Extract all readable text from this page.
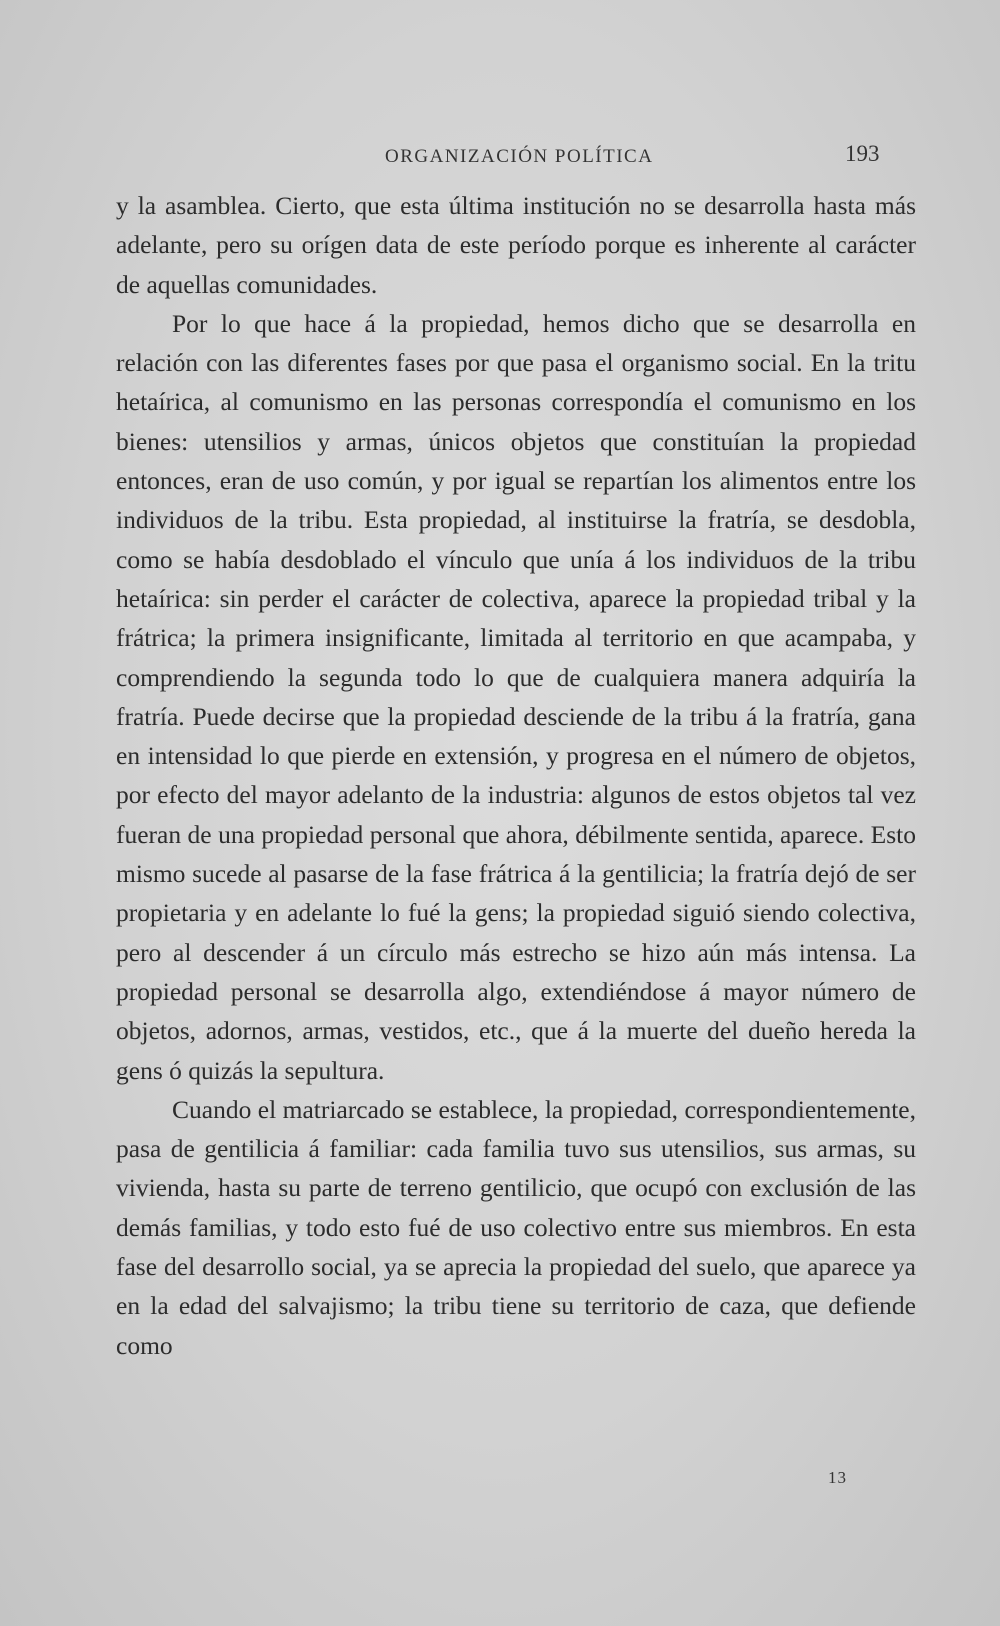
ORGANIZACIÓN POLÍTICA	193

y la asamblea. Cierto, que esta última institución no se desarrolla hasta más adelante, pero su orígen data de este período porque es inherente al carácter de aquellas comunidades.

Por lo que hace á la propiedad, hemos dicho que se desarrolla en relación con las diferentes fases por que pasa el organismo social. En la tritu hetaírica, al comunismo en las personas correspondía el comunismo en los bienes: utensilios y armas, únicos objetos que constituían la propiedad entonces, eran de uso común, y por igual se repartían los alimentos entre los individuos de la tribu. Esta propiedad, al instituirse la fratría, se desdobla, como se había desdoblado el vínculo que unía á los individuos de la tribu hetaírica: sin perder el carácter de colectiva, aparece la propiedad tribal y la frátrica; la primera insignificante, limitada al territorio en que acampaba, y comprendiendo la segunda todo lo que de cualquiera manera adquiría la fratría. Puede decirse que la propiedad desciende de la tribu á la fratría, gana en intensidad lo que pierde en extensión, y progresa en el número de objetos, por efecto del mayor adelanto de la industria: algunos de estos objetos tal vez fueran de una propiedad personal que ahora, débilmente sentida, aparece. Esto mismo sucede al pasarse de la fase frátrica á la gentilicia; la fratría dejó de ser propietaria y en adelante lo fué la gens; la propiedad siguió siendo colectiva, pero al descender á un círculo más estrecho se hizo aún más intensa. La propiedad personal se desarrolla algo, extendiéndose á mayor número de objetos, adornos, armas, vestidos, etc., que á la muerte del dueño hereda la gens ó quizás la sepultura.

Cuando el matriarcado se establece, la propiedad, correspondientemente, pasa de gentilicia á familiar: cada familia tuvo sus utensilios, sus armas, su vivienda, hasta su parte de terreno gentilicio, que ocupó con exclusión de las demás familias, y todo esto fué de uso colectivo entre sus miembros. En esta fase del desarrollo social, ya se aprecia la propiedad del suelo, que aparece ya en la edad del salvajismo; la tribu tiene su territorio de caza, que defiende como

13
